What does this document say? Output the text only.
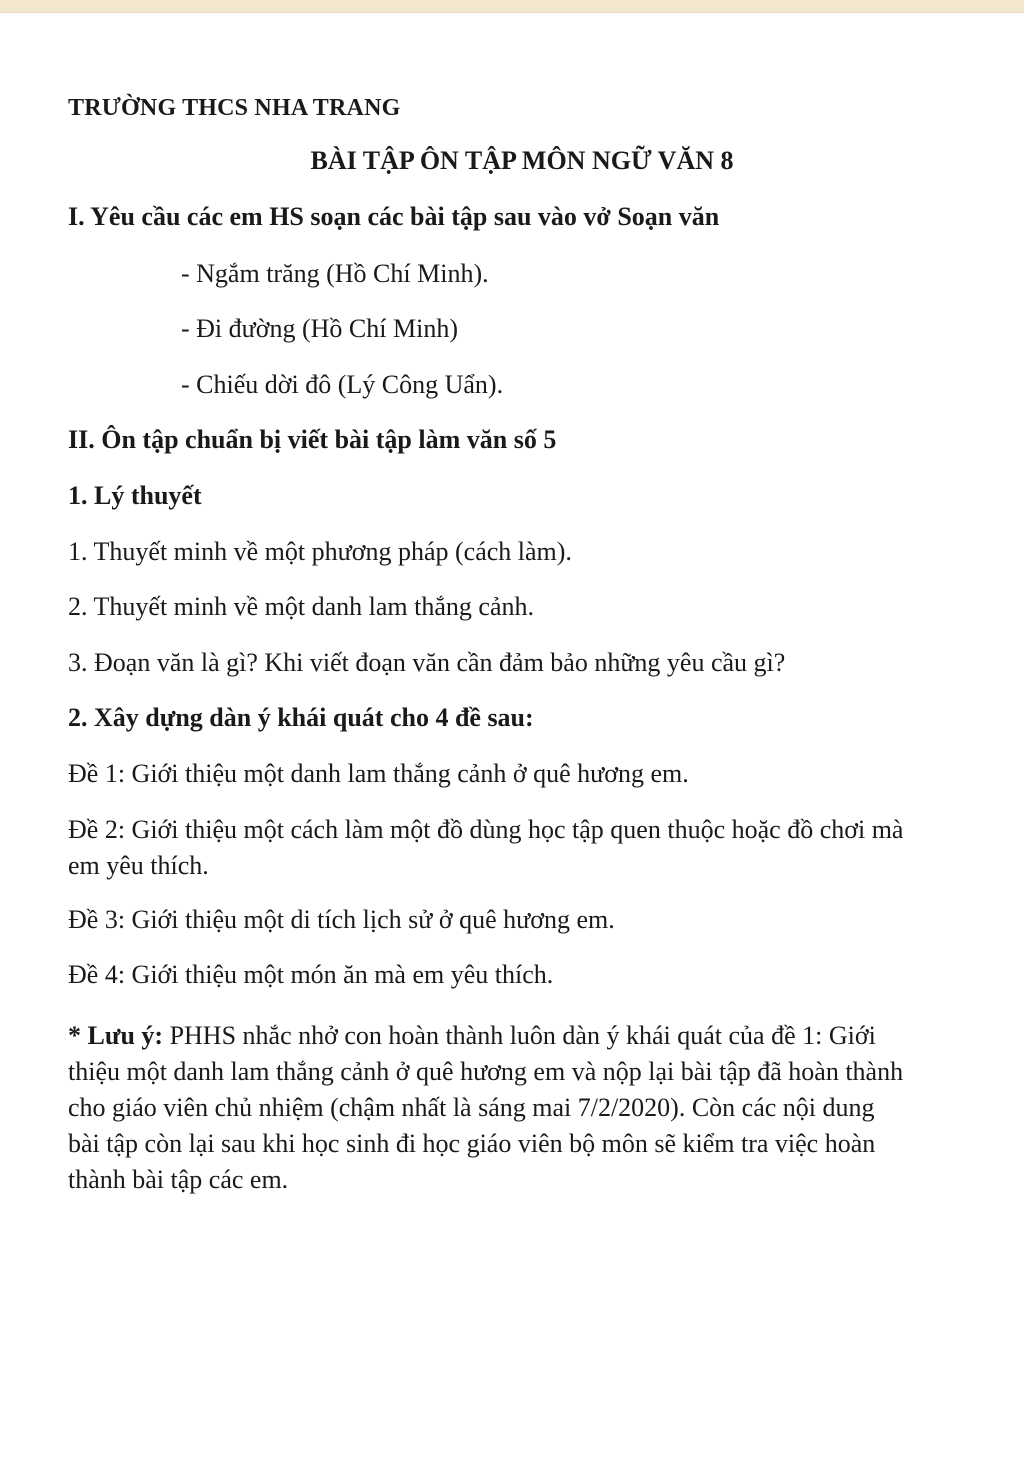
TRƯỜNG THCS NHA TRANG
BÀI TẬP ÔN TẬP MÔN NGỮ VĂN 8
I. Yêu cầu các em HS soạn các bài tập sau vào vở Soạn văn
- Ngắm trăng (Hồ Chí Minh).
- Đi đường (Hồ Chí Minh)
- Chiếu dời đô (Lý Công Uẩn).
II. Ôn tập chuẩn bị viết bài tập làm văn số 5
1. Lý thuyết
1. Thuyết minh về một phương pháp (cách làm).
2. Thuyết minh về một danh lam thắng cảnh.
3. Đoạn văn là gì? Khi viết đoạn văn cần đảm bảo những yêu cầu gì?
2. Xây dựng dàn ý khái quát cho 4 đề sau:
Đề 1: Giới thiệu một danh lam thắng cảnh ở quê hương em.
Đề 2: Giới thiệu một cách làm một đồ dùng học tập quen thuộc hoặc đồ chơi mà
em yêu thích.
Đề 3: Giới thiệu một di tích lịch sử ở quê hương em.
Đề 4: Giới thiệu một món ăn mà em yêu thích.
* Lưu ý: PHHS nhắc nhở con hoàn thành luôn dàn ý khái quát của đề 1: Giới
thiệu một danh lam thắng cảnh ở quê hương em và nộp lại bài tập đã hoàn thành
cho giáo viên chủ nhiệm (chậm nhất là sáng mai 7/2/2020). Còn các nội dung
bài tập còn lại sau khi học sinh đi học giáo viên bộ môn sẽ kiểm tra việc hoàn
thành bài tập các em.
